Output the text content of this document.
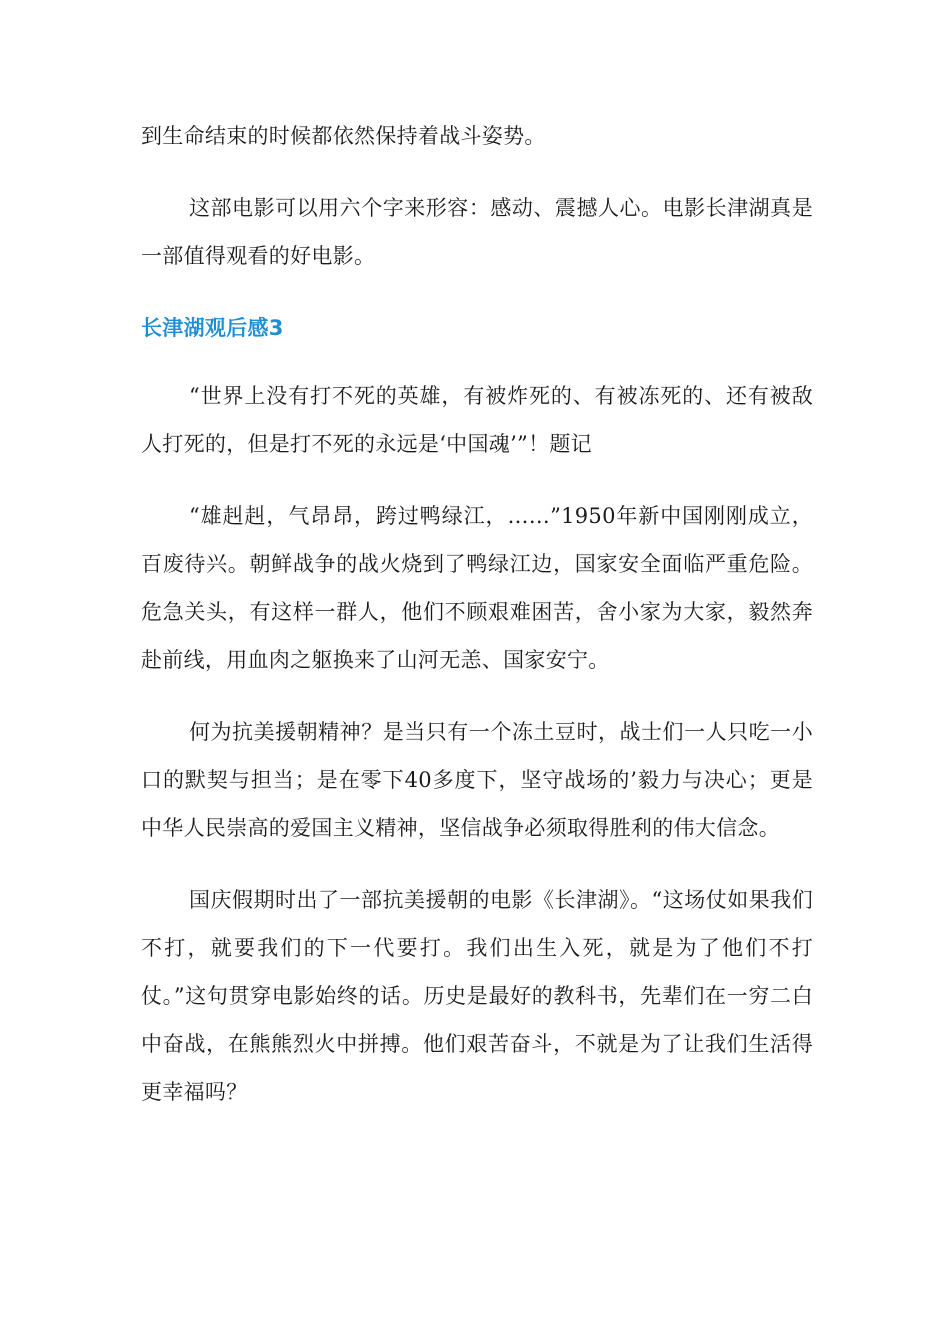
到生命结束的时候都依然保持着战斗姿势。

这部电影可以用六个字来形容：感动、震撼人心。电影长津湖真是一部值得观看的好电影。

长津湖观后感3

“世界上没有打不死的英雄，有被炸死的、有被冻死的、还有被敌人打死的，但是打不死的永远是‘中国魂’”！题记

“雄赳赳，气昂昂，跨过鸭绿江，……”1950年新中国刚刚成立，百废待兴。朝鲜战争的战火烧到了鸭绿江边，国家安全面临严重危险。危急关头，有这样一群人，他们不顾艰难困苦，舍小家为大家，毅然奔赴前线，用血肉之躯换来了山河无恙、国家安宁。

何为抗美援朝精神？是当只有一个冻土豆时，战士们一人只吃一小口的默契与担当；是在零下40多度下，坚守战场的’毅力与决心；更是中华人民崇高的爱国主义精神，坚信战争必须取得胜利的伟大信念。

国庆假期时出了一部抗美援朝的电影《长津湖》。“这场仗如果我们不打，就要我们的下一代要打。我们出生入死，就是为了他们不打仗。”这句贯穿电影始终的话。历史是最好的教科书，先辈们在一穷二白中奋战，在熊熊烈火中拼搏。他们艰苦奋斗，不就是为了让我们生活得更幸福吗？
